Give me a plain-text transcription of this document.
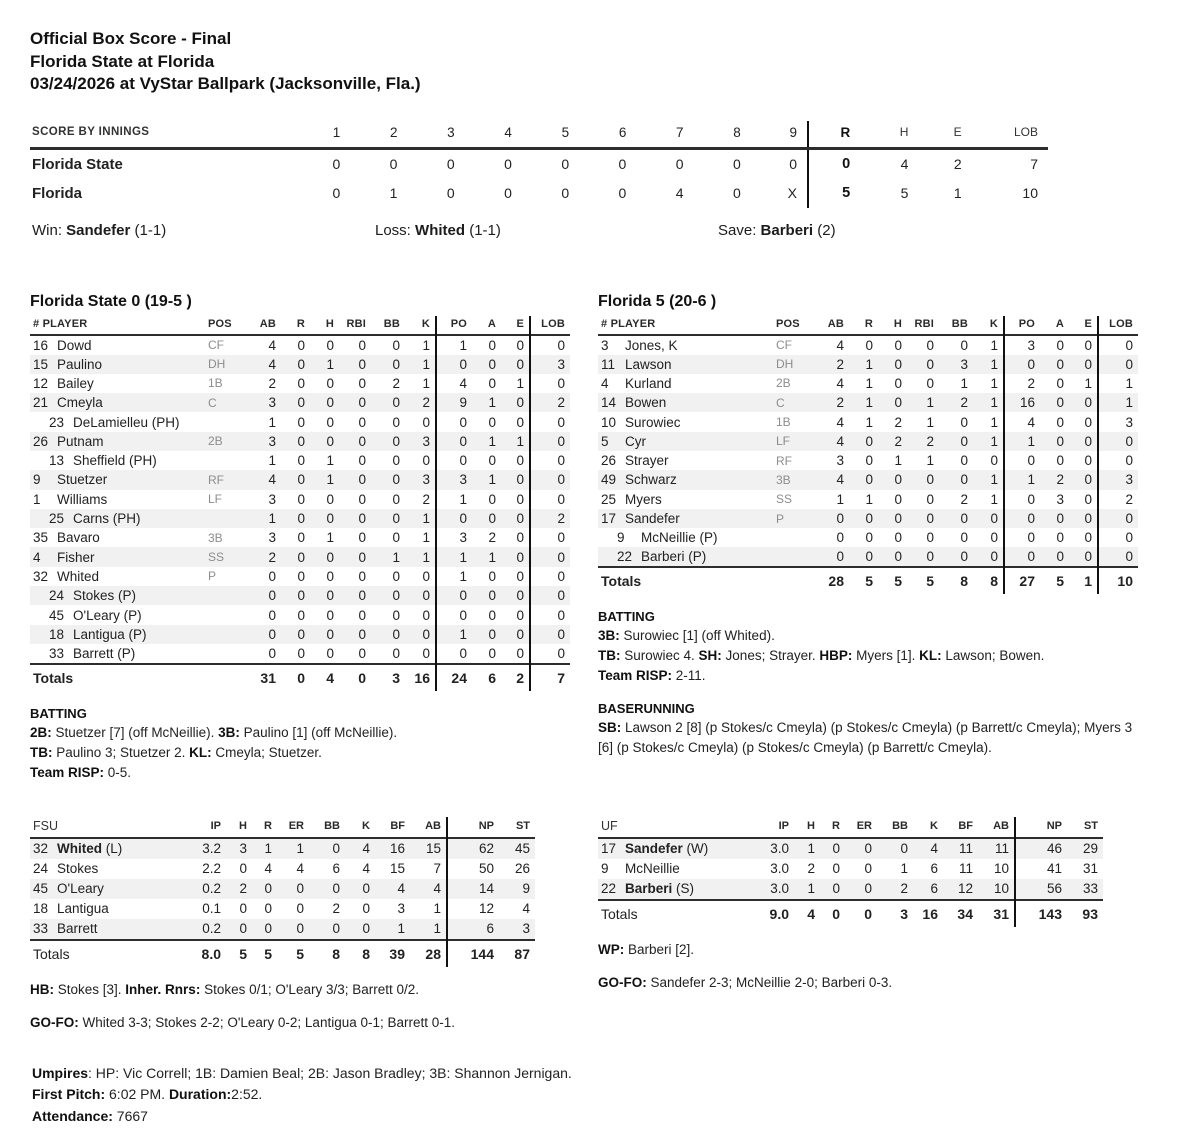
Official Box Score - Final
Florida State at Florida
03/24/2026 at VyStar Ballpark (Jacksonville, Fla.)
SCORE BY INNINGS	1	2	3	4	5	6	7	8	9	R	H	E	LOB
Florida State	0	0	0	0	0	0	0	0	0	0	4	2	7
Florida	0	1	0	0	0	0	4	0	X	5	5	1	10
Win: Sandefer (1-1)	Loss: Whited (1-1)	Save: Barberi (2)
Florida State 0 (19-5 )
# PLAYER	POS	AB	R	H	RBI	BB	K	PO	A	E	LOB
16 Dowd	CF	4	0	0	0	0	1	1	0	0	0
15 Paulino	DH	4	0	1	0	0	1	0	0	0	3
12 Bailey	1B	2	0	0	0	2	1	4	0	1	0
21 Cmeyla	C	3	0	0	0	0	2	9	1	0	2
23 DeLamielleu (PH)		1	0	0	0	0	0	0	0	0	0
26 Putnam	2B	3	0	0	0	0	3	0	1	1	0
13 Sheffield (PH)		1	0	1	0	0	0	0	0	0	0
9 Stuetzer	RF	4	0	1	0	0	3	3	1	0	0
1 Williams	LF	3	0	0	0	0	2	1	0	0	0
25 Carns (PH)		1	0	0	0	0	1	0	0	0	2
35 Bavaro	3B	3	0	1	0	0	1	3	2	0	0
4 Fisher	SS	2	0	0	0	1	1	1	1	0	0
32 Whited	P	0	0	0	0	0	0	1	0	0	0
24 Stokes (P)		0	0	0	0	0	0	0	0	0	0
45 O'Leary (P)		0	0	0	0	0	0	0	0	0	0
18 Lantigua (P)		0	0	0	0	0	0	1	0	0	0
33 Barrett (P)		0	0	0	0	0	0	0	0	0	0
Totals		31	0	4	0	3	16	24	6	2	7
BATTING
2B: Stuetzer [7] (off McNeillie). 3B: Paulino [1] (off McNeillie).
TB: Paulino 3; Stuetzer 2. KL: Cmeyla; Stuetzer.
Team RISP: 0-5.
Florida 5 (20-6 )
# PLAYER	POS	AB	R	H	RBI	BB	K	PO	A	E	LOB
3 Jones, K	CF	4	0	0	0	0	1	3	0	0	0
11 Lawson	DH	2	1	0	0	3	1	0	0	0	0
4 Kurland	2B	4	1	0	0	1	1	2	0	1	1
14 Bowen	C	2	1	0	1	2	1	16	0	0	1
10 Surowiec	1B	4	1	2	1	0	1	4	0	0	3
5 Cyr	LF	4	0	2	2	0	1	1	0	0	0
26 Strayer	RF	3	0	1	1	0	0	0	0	0	0
49 Schwarz	3B	4	0	0	0	0	1	1	2	0	3
25 Myers	SS	1	1	0	0	2	1	0	3	0	2
17 Sandefer	P	0	0	0	0	0	0	0	0	0	0
9 McNeillie (P)		0	0	0	0	0	0	0	0	0	0
22 Barberi (P)		0	0	0	0	0	0	0	0	0	0
Totals		28	5	5	5	8	8	27	5	1	10
BATTING
3B: Surowiec [1] (off Whited).
TB: Surowiec 4. SH: Jones; Strayer. HBP: Myers [1]. KL: Lawson; Bowen.
Team RISP: 2-11.
BASERUNNING
SB: Lawson 2 [8] (p Stokes/c Cmeyla) (p Stokes/c Cmeyla) (p Barrett/c Cmeyla); Myers 3 [6] (p Stokes/c Cmeyla) (p Stokes/c Cmeyla) (p Barrett/c Cmeyla).
FSU	IP	H	R	ER	BB	K	BF	AB	NP	ST
32 Whited (L)	3.2	3	1	1	0	4	16	15	62	45
24 Stokes	2.2	0	4	4	6	4	15	7	50	26
45 O'Leary	0.2	2	0	0	0	0	4	4	14	9
18 Lantigua	0.1	0	0	0	2	0	3	1	12	4
33 Barrett	0.2	0	0	0	0	0	1	1	6	3
Totals	8.0	5	5	5	8	8	39	28	144	87
HB: Stokes [3]. Inher. Rnrs: Stokes 0/1; O'Leary 3/3; Barrett 0/2.
GO-FO: Whited 3-3; Stokes 2-2; O'Leary 0-2; Lantigua 0-1; Barrett 0-1.
UF	IP	H	R	ER	BB	K	BF	AB	NP	ST
17 Sandefer (W)	3.0	1	0	0	0	4	11	11	46	29
9 McNeillie	3.0	2	0	0	1	6	11	10	41	31
22 Barberi (S)	3.0	1	0	0	2	6	12	10	56	33
Totals	9.0	4	0	0	3	16	34	31	143	93
WP: Barberi [2].
GO-FO: Sandefer 2-3; McNeillie 2-0; Barberi 0-3.
Umpires: HP: Vic Correll; 1B: Damien Beal; 2B: Jason Bradley; 3B: Shannon Jernigan.
First Pitch: 6:02 PM. Duration:2:52.
Attendance: 7667
